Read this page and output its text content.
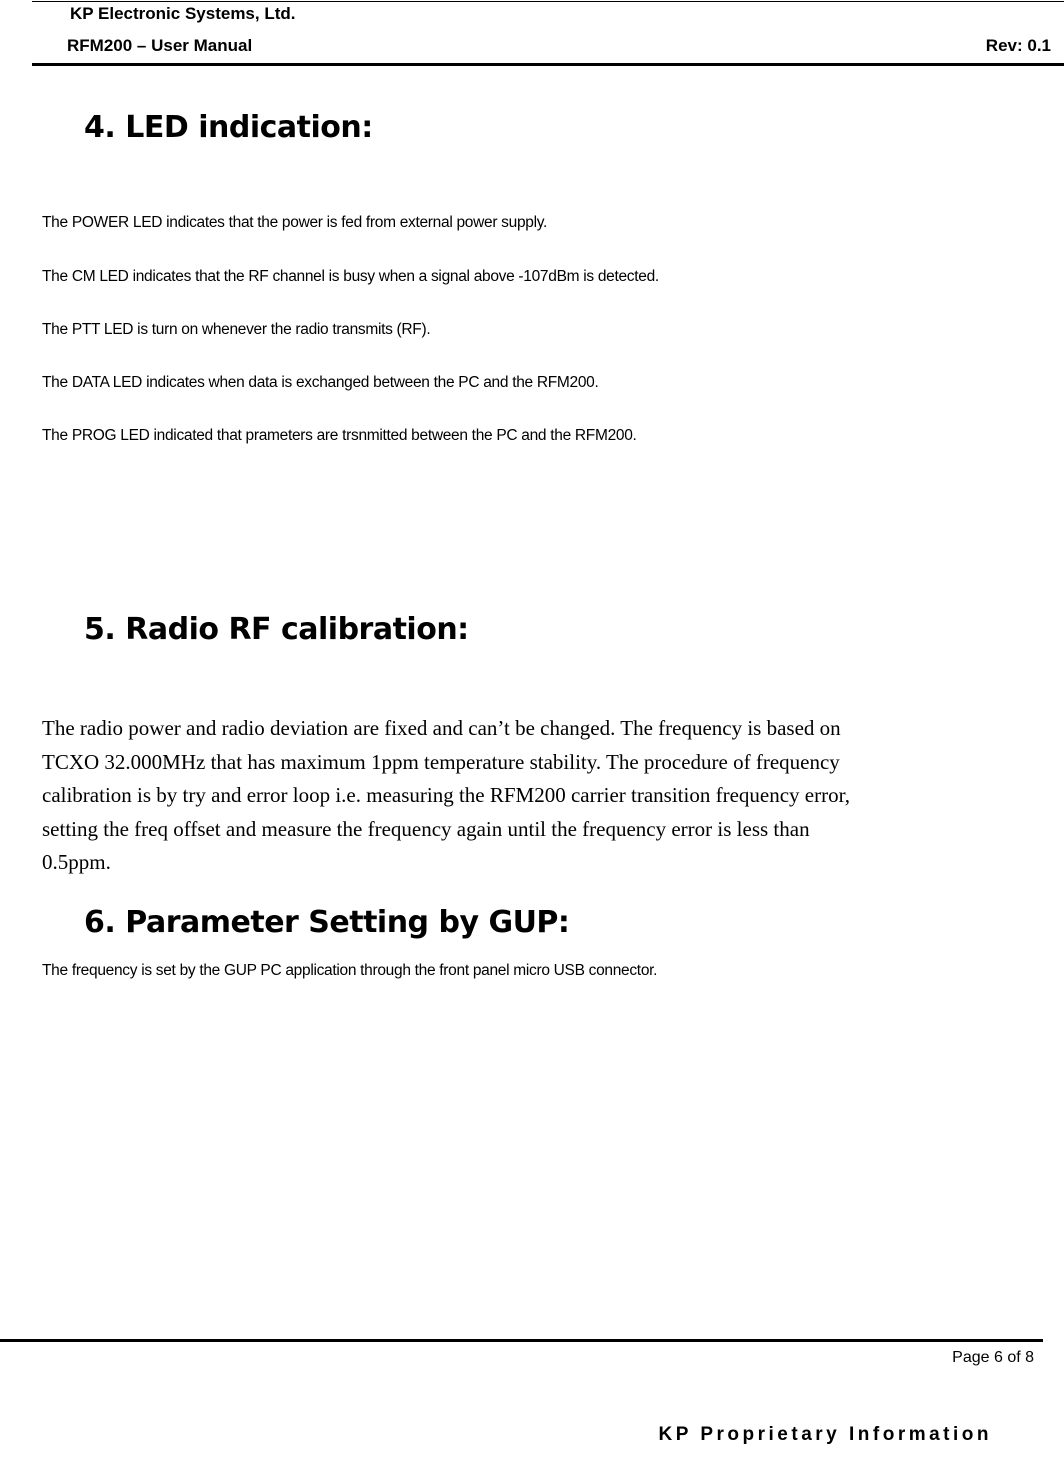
KP Electronic Systems, Ltd.
RFM200 – User Manual	Rev: 0.1
4. LED indication:
The POWER LED indicates that the power is fed from external power supply.
The CM LED indicates that the RF channel is busy when a signal above -107dBm is detected.
The PTT LED is turn on whenever the radio transmits (RF).
The DATA LED indicates when data is exchanged between the PC and the RFM200.
The PROG LED indicated that prameters are trsnmitted between the PC and the RFM200.
5. Radio RF calibration:
The radio power and radio deviation are fixed and can’t be changed. The frequency is based on
TCXO 32.000MHz that has maximum 1ppm temperature stability. The procedure of frequency
calibration is by try and error loop i.e. measuring the RFM200 carrier transition frequency error,
setting the freq offset and measure the frequency again until the frequency error is less than
0.5ppm.
6. Parameter Setting by GUP:
The frequency is set by the GUP PC application through the front panel micro USB connector.
Page 6 of 8
KP Proprietary Information
